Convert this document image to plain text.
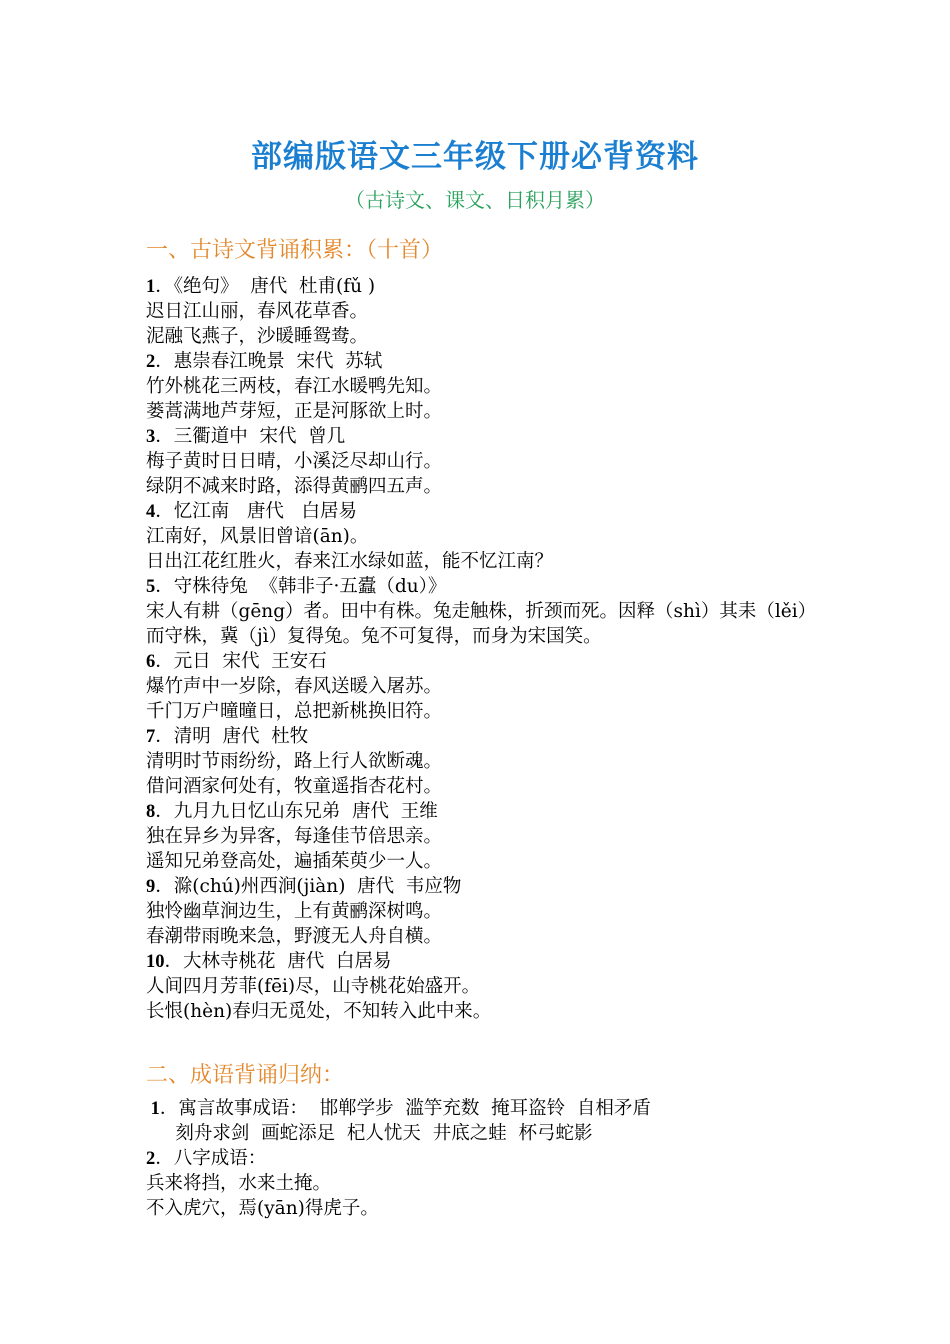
部编版语文三年级下册必背资料
（古诗文、课文、日积月累）
一、古诗文背诵积累：（十首）
1．《绝句》  唐代  杜甫(fǔ )
迟日江山丽，春风花草香。
泥融飞燕子，沙暖睡鸳鸯。
2．惠崇春江晚景  宋代  苏轼
竹外桃花三两枝，春江水暖鸭先知。
蒌蒿满地芦芽短，正是河豚欲上时。
3．三衢道中  宋代  曾几
梅子黄时日日晴，小溪泛尽却山行。
绿阴不减来时路，添得黄鹂四五声。
4．忆江南   唐代   白居易
江南好，风景旧曾谙(ān)。
日出江花红胜火，春来江水绿如蓝，能不忆江南？
5．守株待兔  《韩非子·五蠹（du）》
宋人有耕（gēng）者。田中有株。兔走触株，折颈而死。因释（shì）其耒（lěi）而守株，冀（jì）复得兔。兔不可复得，而身为宋国笑。
6．元日  宋代  王安石
爆竹声中一岁除，春风送暖入屠苏。
千门万户曈曈日，总把新桃换旧符。
7．清明  唐代  杜牧
清明时节雨纷纷，路上行人欲断魂。
借问酒家何处有，牧童遥指杏花村。
8．九月九日忆山东兄弟  唐代  王维
独在异乡为异客，每逢佳节倍思亲。
遥知兄弟登高处，遍插茱萸少一人。
9．滁(chú)州西涧(jiàn)  唐代  韦应物
独怜幽草涧边生，上有黄鹂深树鸣。
春潮带雨晚来急，野渡无人舟自横。
10．大林寺桃花  唐代  白居易
人间四月芳菲(fēi)尽，山寺桃花始盛开。
长恨(hèn)春归无觅处，不知转入此中来。
二、成语背诵归纳：
1．寓言故事成语：  邯郸学步  滥竽充数  掩耳盗铃  自相矛盾
刻舟求剑  画蛇添足  杞人忧天  井底之蛙  杯弓蛇影
2．八字成语：
兵来将挡，水来土掩。
不入虎穴，焉(yān)得虎子。
